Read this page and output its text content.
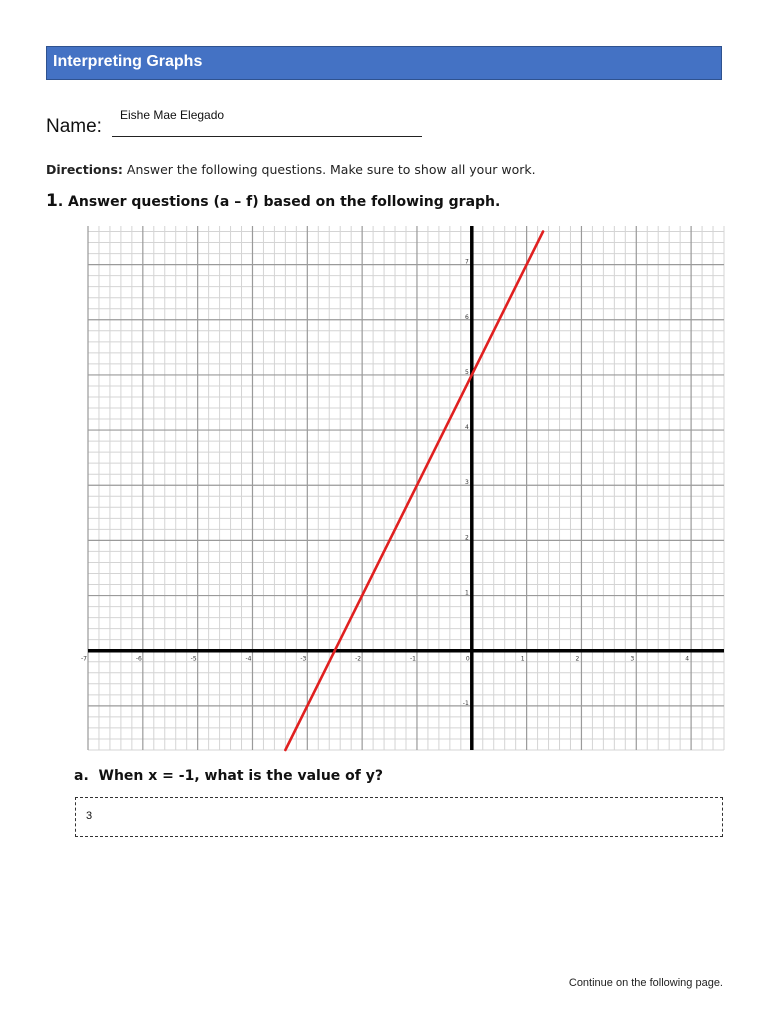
Interpreting Graphs
Name:
Eishe Mae Elegado
Directions: Answer the following questions. Make sure to show all your work.
1. Answer questions (a – f) based on the following graph.
-7	-6	-5	-4	-3	-2	-1	0	1	2	3	4
-1
1
2
3
4
5
6
7
a. When x = -1, what is the value of y?
3
Continue on the following page.
